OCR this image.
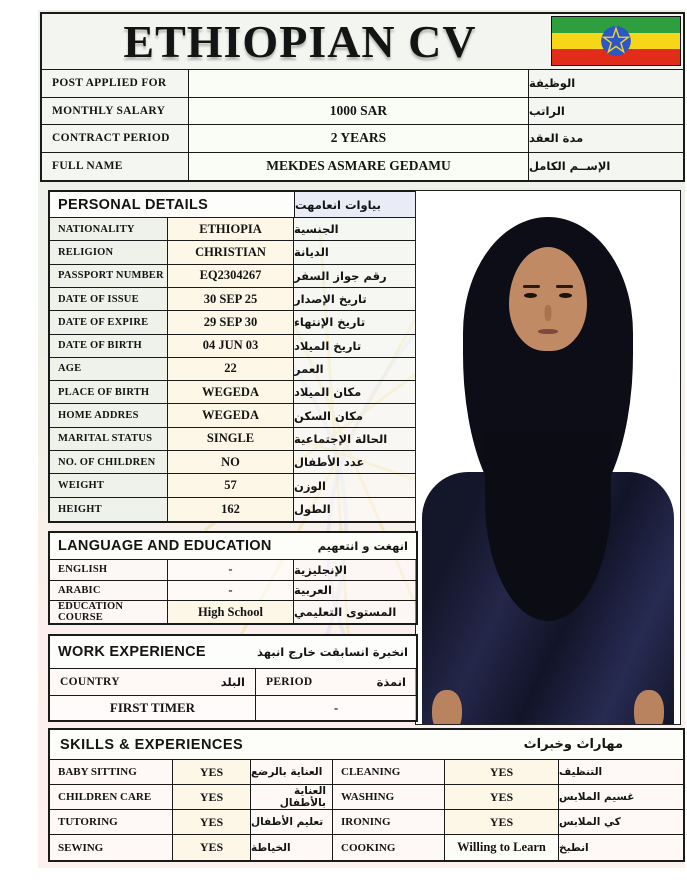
ETHIOPIAN CV
POST APPLIED FOR	الوظيفة
MONTHLY SALARY	1000 SAR	الراتب
CONTRACT PERIOD	2 YEARS	مدة العقد
FULL NAME	MEKDES ASMARE GEDAMU	الإســم الكامل
PERSONAL DETAILS	بياوات انعامهت
NATIONALITY	ETHIOPIA	الجنسية
RELIGION	CHRISTIAN	الديانة
PASSPORT NUMBER	EQ2304267	رقم جواز السفر
DATE OF ISSUE	30 SEP 25	تاريخ الإصدار
DATE OF EXPIRE	29 SEP 30	تاريخ الإنتهاء
DATE OF BIRTH	04 JUN 03	تاريخ الميلاد
AGE	22	العمر
PLACE OF BIRTH	WEGEDA	مكان الميلاد
HOME ADDRES	WEGEDA	مكان السكن
MARITAL STATUS	SINGLE	الحالة الإجتماعية
NO. OF CHILDREN	NO	عدد الأطفال
WEIGHT	57	الوزن
HEIGHT	162	الطول
LANGUAGE AND EDUCATION	انهغت و انتعهيم
ENGLISH	-	الإنجليزية
ARABIC	-	العربية
EDUCATION COURSE	High School	المستوى التعليمي
WORK EXPERIENCE	انخبرة انسابقت خارج انبهذ
COUNTRY	البلد PERIOD	انمذة
FIRST TIMER	-
SKILLS & EXPERIENCES	مهاراث وخبراث
BABY SITTING	YES	العناية بالرضع	CLEANING	YES	التنظيف
CHILDREN CARE	YES	العناية بالأطفال	WASHING	YES	غسيم الملابس
TUTORING	YES	تعليم الأطفال	IRONING	YES	كي الملابس
SEWING	YES	الخياطة	COOKING	Willing to Learn	انطبخ
